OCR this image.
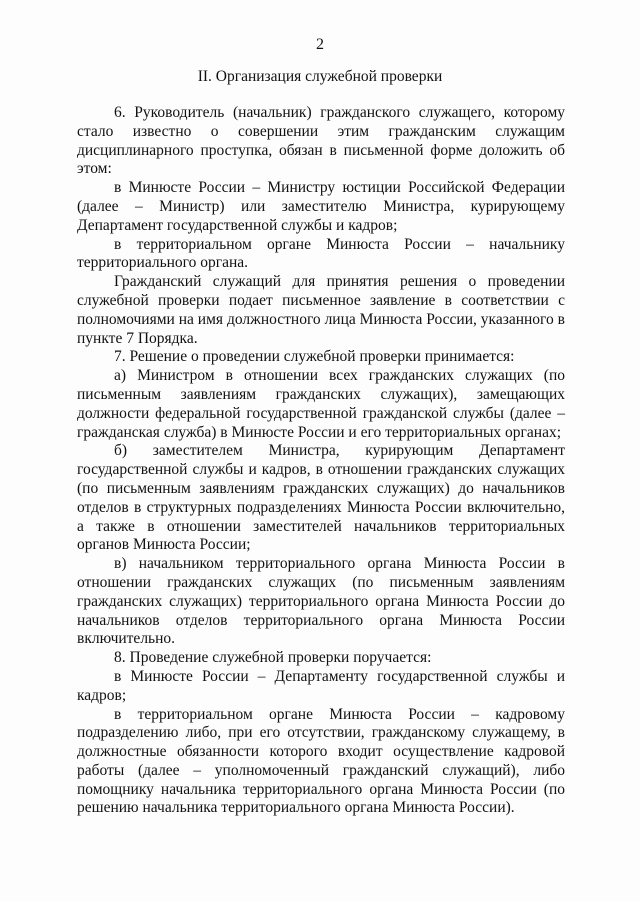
2
II. Организация служебной проверки

6. Руководитель (начальник) гражданского служащего, которому стало известно о совершении этим гражданским служащим дисциплинарного проступка, обязан в письменной форме доложить об этом:

в Минюсте России – Министру юстиции Российской Федерации (далее – Министр) или заместителю Министра, курирующему Департамент государственной службы и кадров;

в территориальном органе Минюста России – начальнику территориального органа.

Гражданский служащий для принятия решения о проведении служебной проверки подает письменное заявление в соответствии с полномочиями на имя должностного лица Минюста России, указанного в пункте 7 Порядка.

7. Решение о проведении служебной проверки принимается:

а) Министром в отношении всех гражданских служащих (по письменным заявлениям гражданских служащих), замещающих должности федеральной государственной гражданской службы (далее – гражданская служба) в Минюсте России и его территориальных органах;

б) заместителем Министра, курирующим Департамент государственной службы и кадров, в отношении гражданских служащих (по письменным заявлениям гражданских служащих) до начальников отделов в структурных подразделениях Минюста России включительно, а также в отношении заместителей начальников территориальных органов Минюста России;

в) начальником территориального органа Минюста России в отношении гражданских служащих (по письменным заявлениям гражданских служащих) территориального органа Минюста России до начальников отделов территориального органа Минюста России включительно.

8. Проведение служебной проверки поручается:

в Минюсте России – Департаменту государственной службы и кадров;

в территориальном органе Минюста России – кадровому подразделению либо, при его отсутствии, гражданскому служащему, в должностные обязанности которого входит осуществление кадровой работы (далее – уполномоченный гражданский служащий), либо помощнику начальника территориального органа Минюста России (по решению начальника территориального органа Минюста России).
